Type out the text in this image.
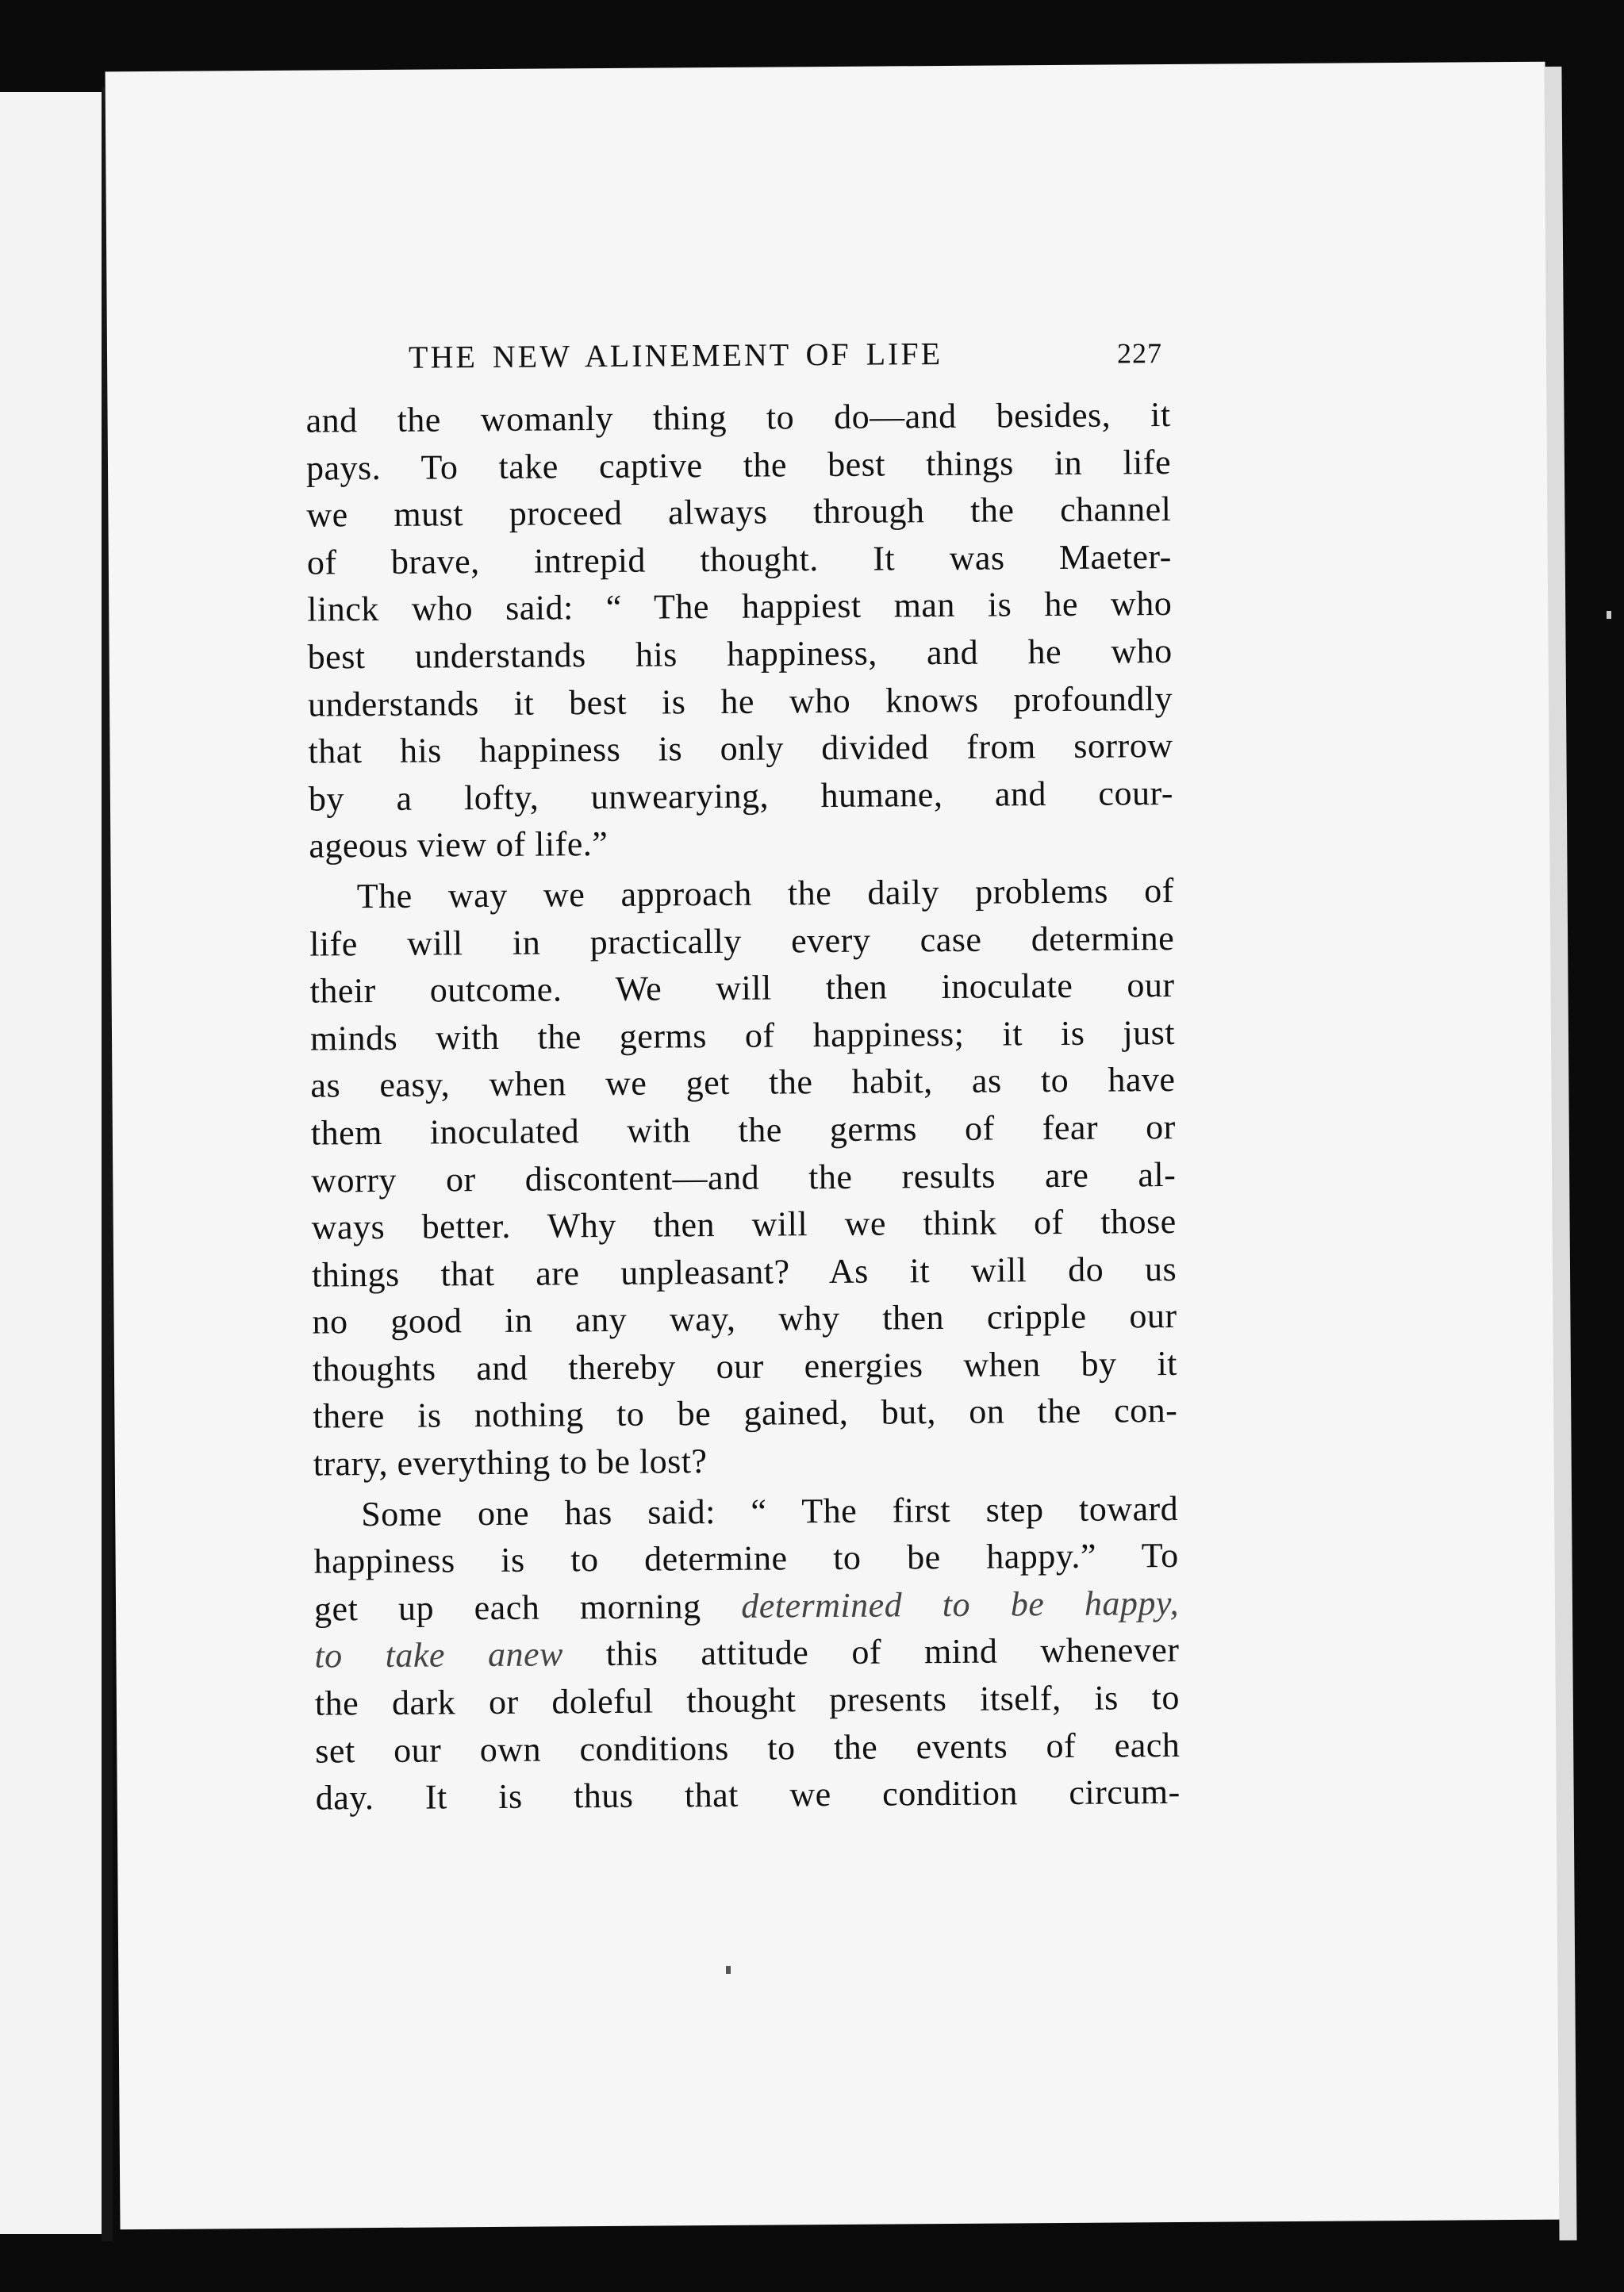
THE NEW ALINEMENT OF LIFE	227

and the womanly thing to do—and besides, it
pays. To take captive the best things in life
we must proceed always through the channel
of brave, intrepid thought. It was Maeter-
linck who said: “ The happiest man is he who
best understands his happiness, and he who
understands it best is he who knows profoundly
that his happiness is only divided from sorrow
by a lofty, unwearying, humane, and cour-
ageous view of life.”

The way we approach the daily problems of
life will in practically every case determine
their outcome. We will then inoculate our
minds with the germs of happiness; it is just
as easy, when we get the habit, as to have
them inoculated with the germs of fear or
worry or discontent—and the results are al-
ways better. Why then will we think of those
things that are unpleasant? As it will do us
no good in any way, why then cripple our
thoughts and thereby our energies when by it
there is nothing to be gained, but, on the con-
trary, everything to be lost?

Some one has said: “ The first step toward
happiness is to determine to be happy.” To
get up each morning determined to be happy,
to take anew this attitude of mind whenever
the dark or doleful thought presents itself, is to
set our own conditions to the events of each
day. It is thus that we condition circum-
